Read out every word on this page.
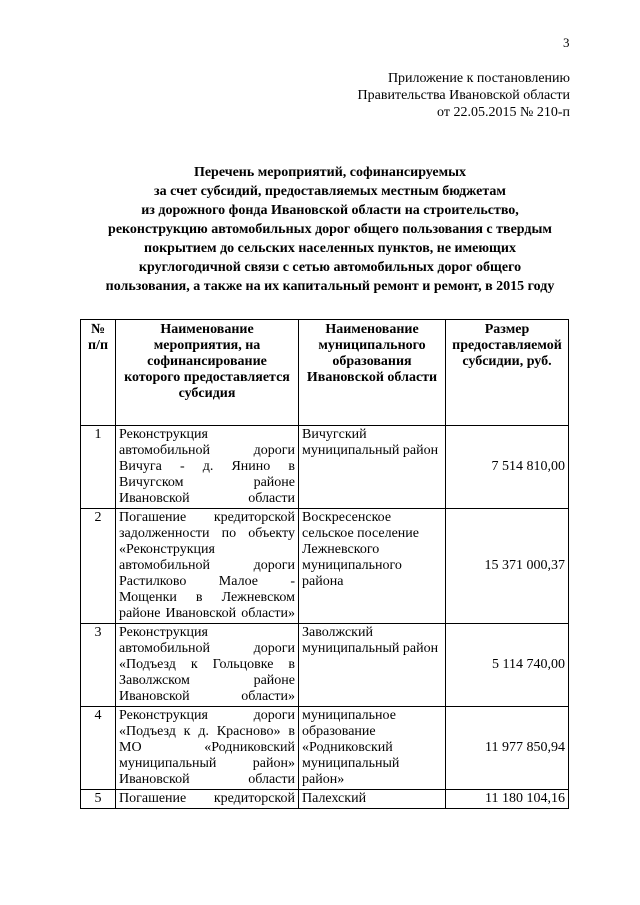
3
Приложение к постановлению
Правительства Ивановской области
от 22.05.2015 № 210-п
Перечень мероприятий, софинансируемых
за счет субсидий, предоставляемых местным бюджетам
из дорожного фонда Ивановской области на строительство,
реконструкцию автомобильных дорог общего пользования с твердым
покрытием до сельских населенных пунктов, не имеющих
круглогодичной связи с сетью автомобильных дорог общего
пользования, а также на их капитальный ремонт и ремонт, в 2015 году
№ п/п	Наименование мероприятия, на софинансирование которого предоставляется субсидия	Наименование муниципального образования Ивановской области	Размер предоставляемой субсидии, руб.
1	Реконструкция автомобильной дороги Вичуга - д. Янино в Вичугском районе Ивановской области	Вичугский муниципальный район	7 514 810,00
2	Погашение кредиторской задолженности по объекту «Реконструкция автомобильной дороги Растилково Малое - Мощенки в Лежневском районе Ивановской области»	Воскресенское сельское поселение Лежневского муниципального района	15 371 000,37
3	Реконструкция автомобильной дороги «Подъезд к Гольцовке в Заволжском районе Ивановской области»	Заволжский муниципальный район	5 114 740,00
4	Реконструкция дороги «Подъезд к д. Красново» в МО «Родниковский муниципальный район» Ивановской области	муниципальное образование «Родниковский муниципальный район»	11 977 850,94
5	Погашение кредиторской	Палехский	11 180 104,16
